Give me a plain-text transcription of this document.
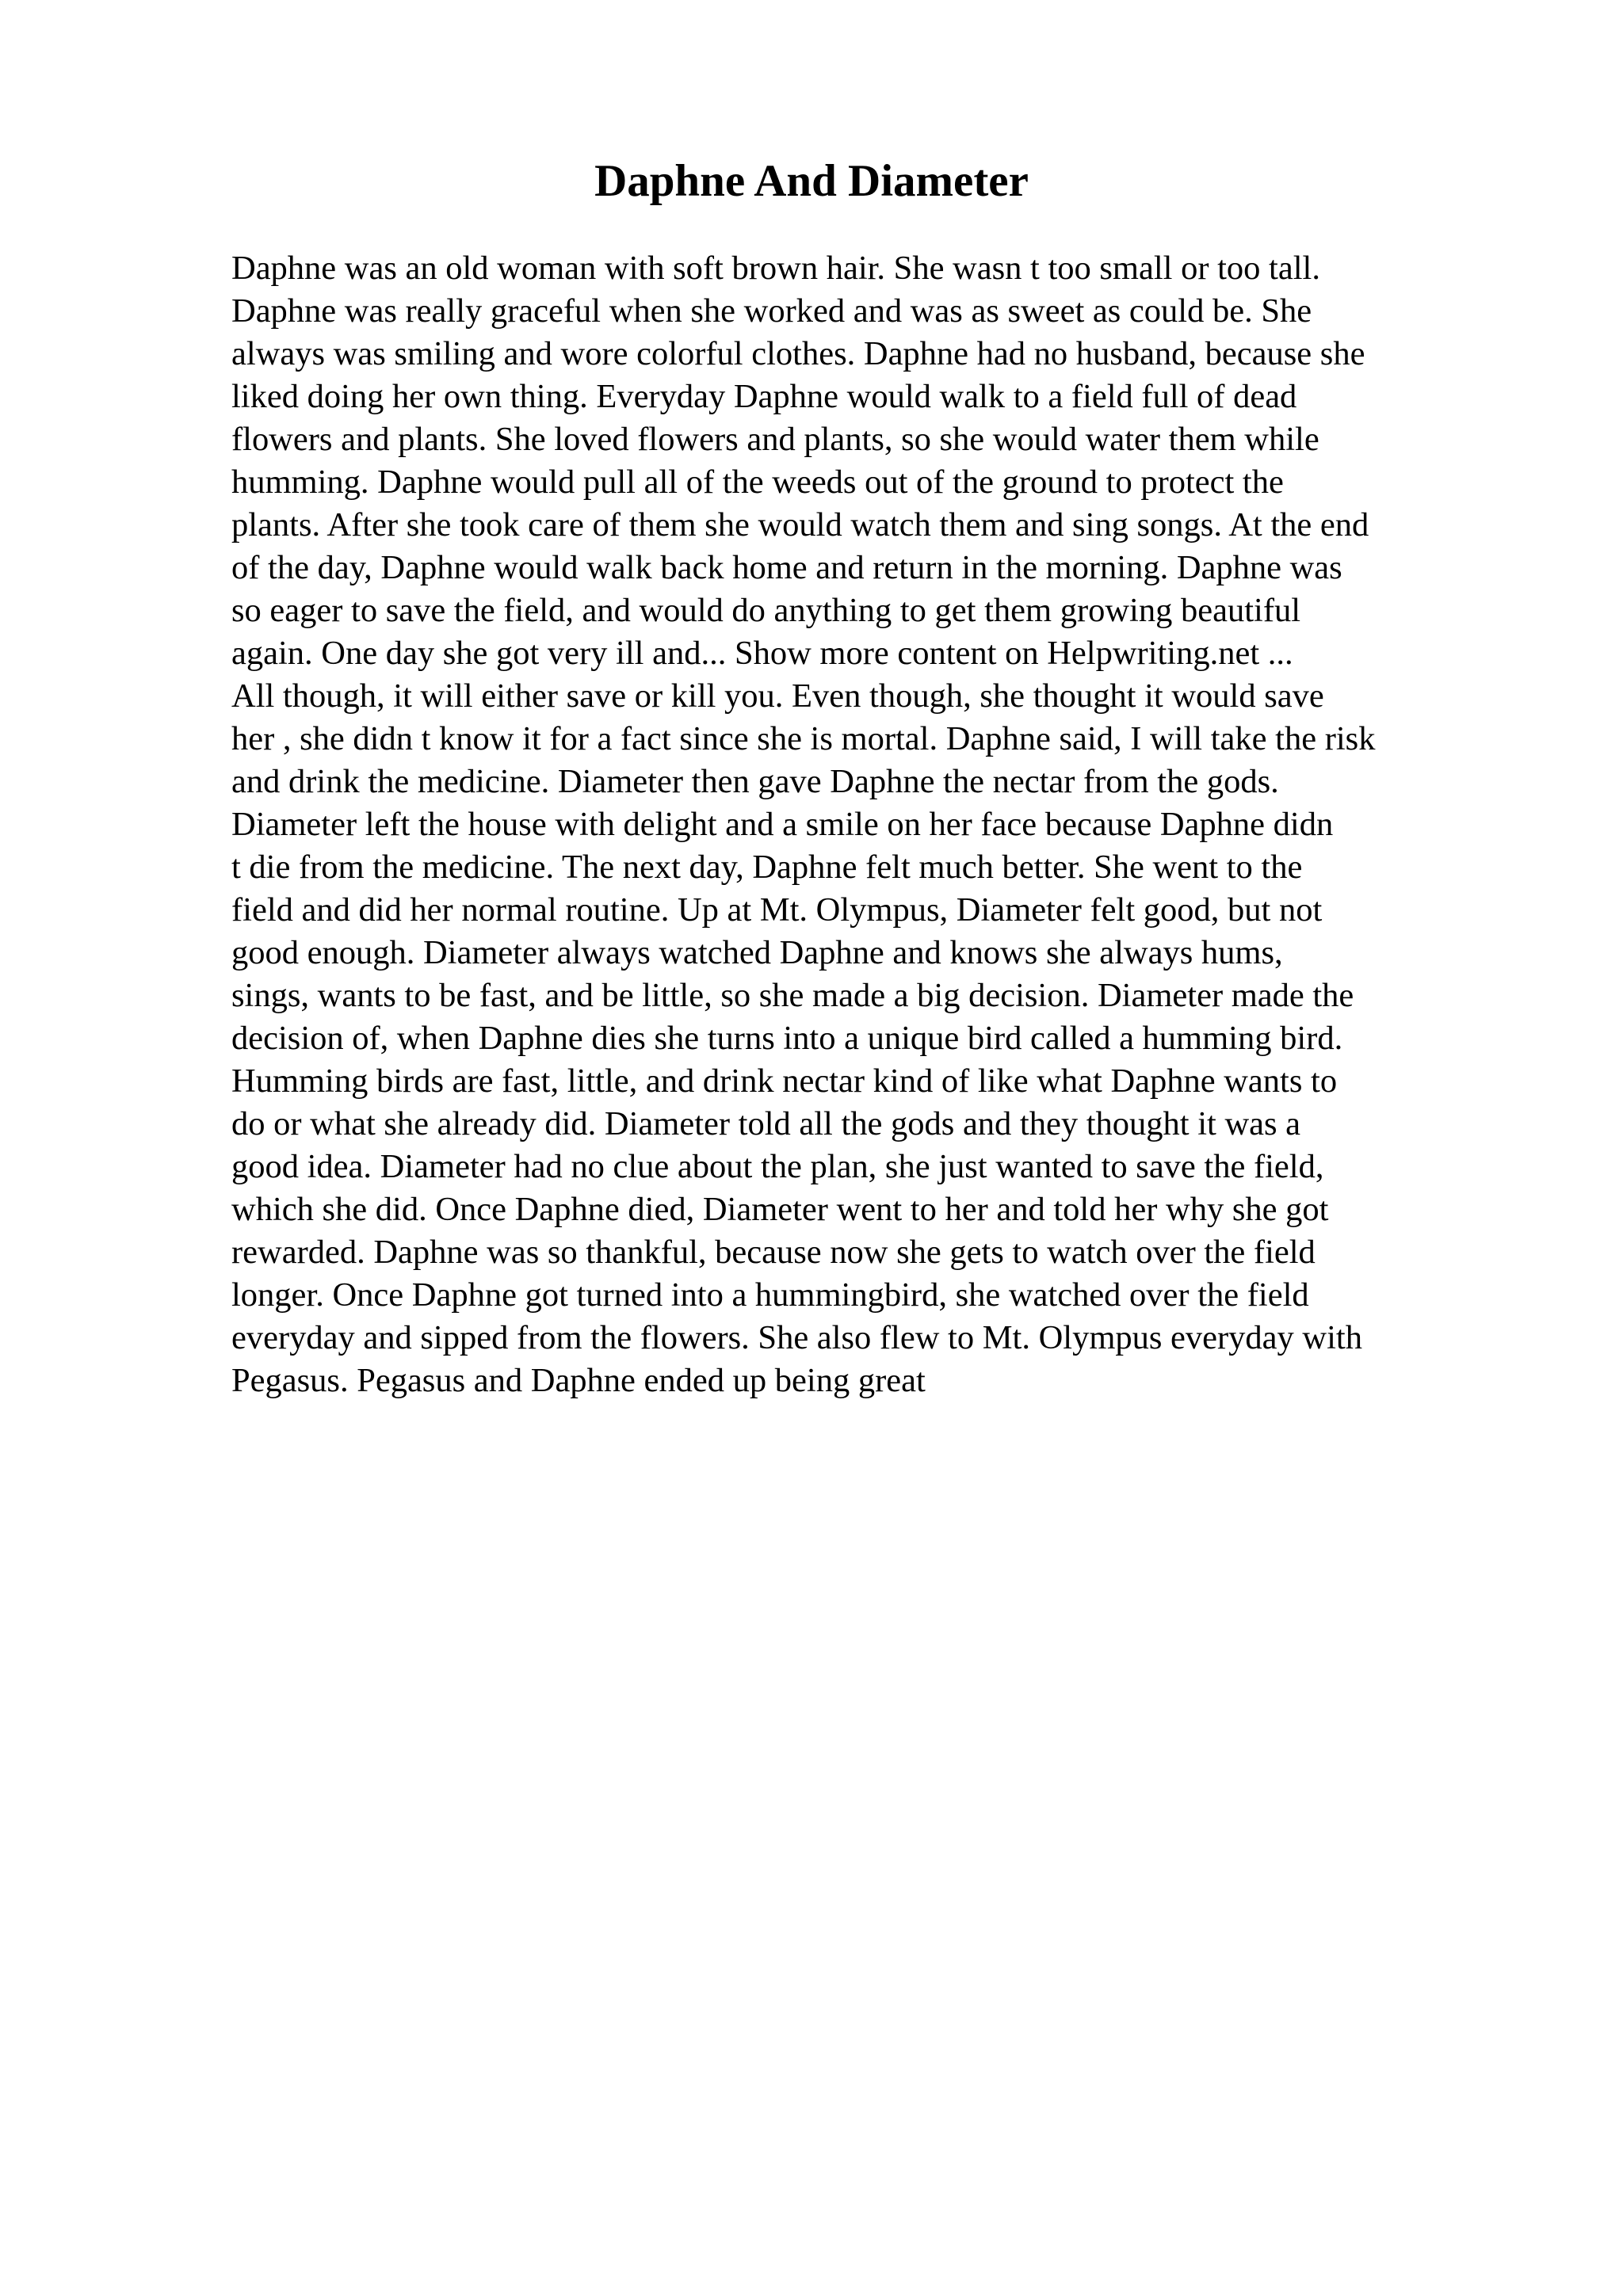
Daphne And Diameter
Daphne was an old woman with soft brown hair. She wasn t too small or too tall.
Daphne was really graceful when she worked and was as sweet as could be. She
always was smiling and wore colorful clothes. Daphne had no husband, because she
liked doing her own thing. Everyday Daphne would walk to a field full of dead
flowers and plants. She loved flowers and plants, so she would water them while
humming. Daphne would pull all of the weeds out of the ground to protect the
plants. After she took care of them she would watch them and sing songs. At the end
of the day, Daphne would walk back home and return in the morning. Daphne was
so eager to save the field, and would do anything to get them growing beautiful
again. One day she got very ill and... Show more content on Helpwriting.net ...
All though, it will either save or kill you. Even though, she thought it would save
her , she didn t know it for a fact since she is mortal. Daphne said, I will take the risk
and drink the medicine. Diameter then gave Daphne the nectar from the gods.
Diameter left the house with delight and a smile on her face because Daphne didn
t die from the medicine. The next day, Daphne felt much better. She went to the
field and did her normal routine. Up at Mt. Olympus, Diameter felt good, but not
good enough. Diameter always watched Daphne and knows she always hums,
sings, wants to be fast, and be little, so she made a big decision. Diameter made the
decision of, when Daphne dies she turns into a unique bird called a humming bird.
Humming birds are fast, little, and drink nectar kind of like what Daphne wants to
do or what she already did. Diameter told all the gods and they thought it was a
good idea. Diameter had no clue about the plan, she just wanted to save the field,
which she did. Once Daphne died, Diameter went to her and told her why she got
rewarded. Daphne was so thankful, because now she gets to watch over the field
longer. Once Daphne got turned into a hummingbird, she watched over the field
everyday and sipped from the flowers. She also flew to Mt. Olympus everyday with
Pegasus. Pegasus and Daphne ended up being great
